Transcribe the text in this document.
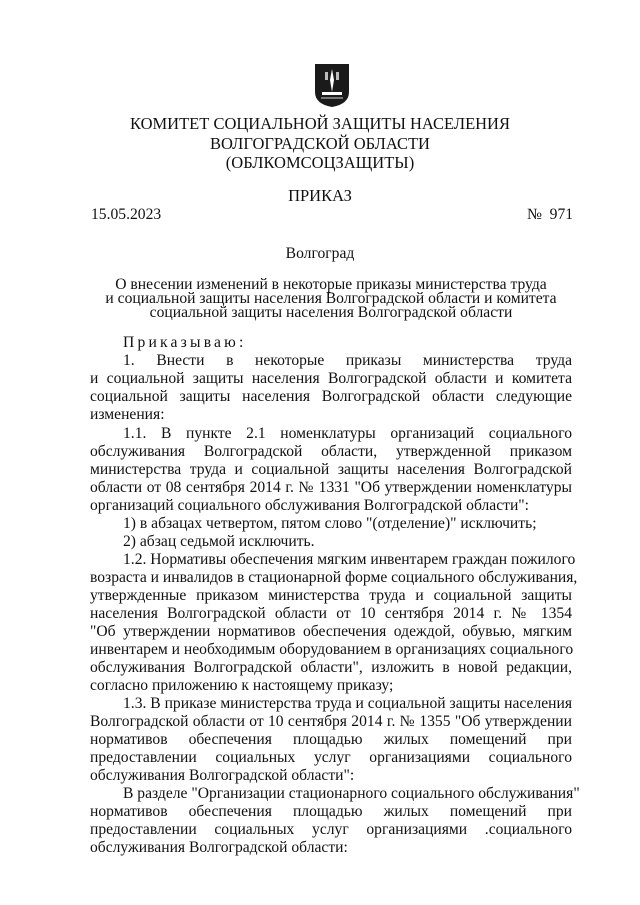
КОМИТЕТ СОЦИАЛЬНОЙ ЗАЩИТЫ НАСЕЛЕНИЯ
ВОЛГОГРАДСКОЙ ОБЛАСТИ
(ОБЛКОМСОЦЗАЩИТЫ)
ПРИКАЗ
15.05.2023	№  971
Волгоград
О внесении изменений в некоторые приказы министерства труда
и социальной защиты населения Волгоградской области и комитета
социальной защиты населения Волгоградской области
Приказываю:
1. Внести в некоторые приказы министерства труда
и социальной защиты населения Волгоградской области и комитета
социальной защиты населения Волгоградской области следующие
изменения:
1.1. В пункте 2.1 номенклатуры организаций социального
обслуживания Волгоградской области, утвержденной приказом
министерства труда и социальной защиты населения Волгоградской
области от 08 сентября 2014 г. № 1331 "Об утверждении номенклатуры
организаций социального обслуживания Волгоградской области":
1) в абзацах четвертом, пятом слово "(отделение)" исключить;
2) абзац седьмой исключить.
1.2. Нормативы обеспечения мягким инвентарем граждан пожилого
возраста и инвалидов в стационарной форме социального обслуживания,
утвержденные приказом министерства труда и социальной защиты
населения Волгоградской области от 10 сентября 2014 г. № 1354
"Об утверждении нормативов обеспечения одеждой, обувью, мягким
инвентарем и необходимым оборудованием в организациях социального
обслуживания Волгоградской области", изложить в новой редакции,
согласно приложению к настоящему приказу;
1.3. В приказе министерства труда и социальной защиты населения
Волгоградской области от 10 сентября 2014 г. № 1355 "Об утверждении
нормативов обеспечения площадью жилых помещений при
предоставлении социальных услуг организациями социального
обслуживания Волгоградской области":
В разделе "Организации стационарного социального обслуживания"
нормативов обеспечения площадью жилых помещений при
предоставлении социальных услуг организациями .социального
обслуживания Волгоградской области:
